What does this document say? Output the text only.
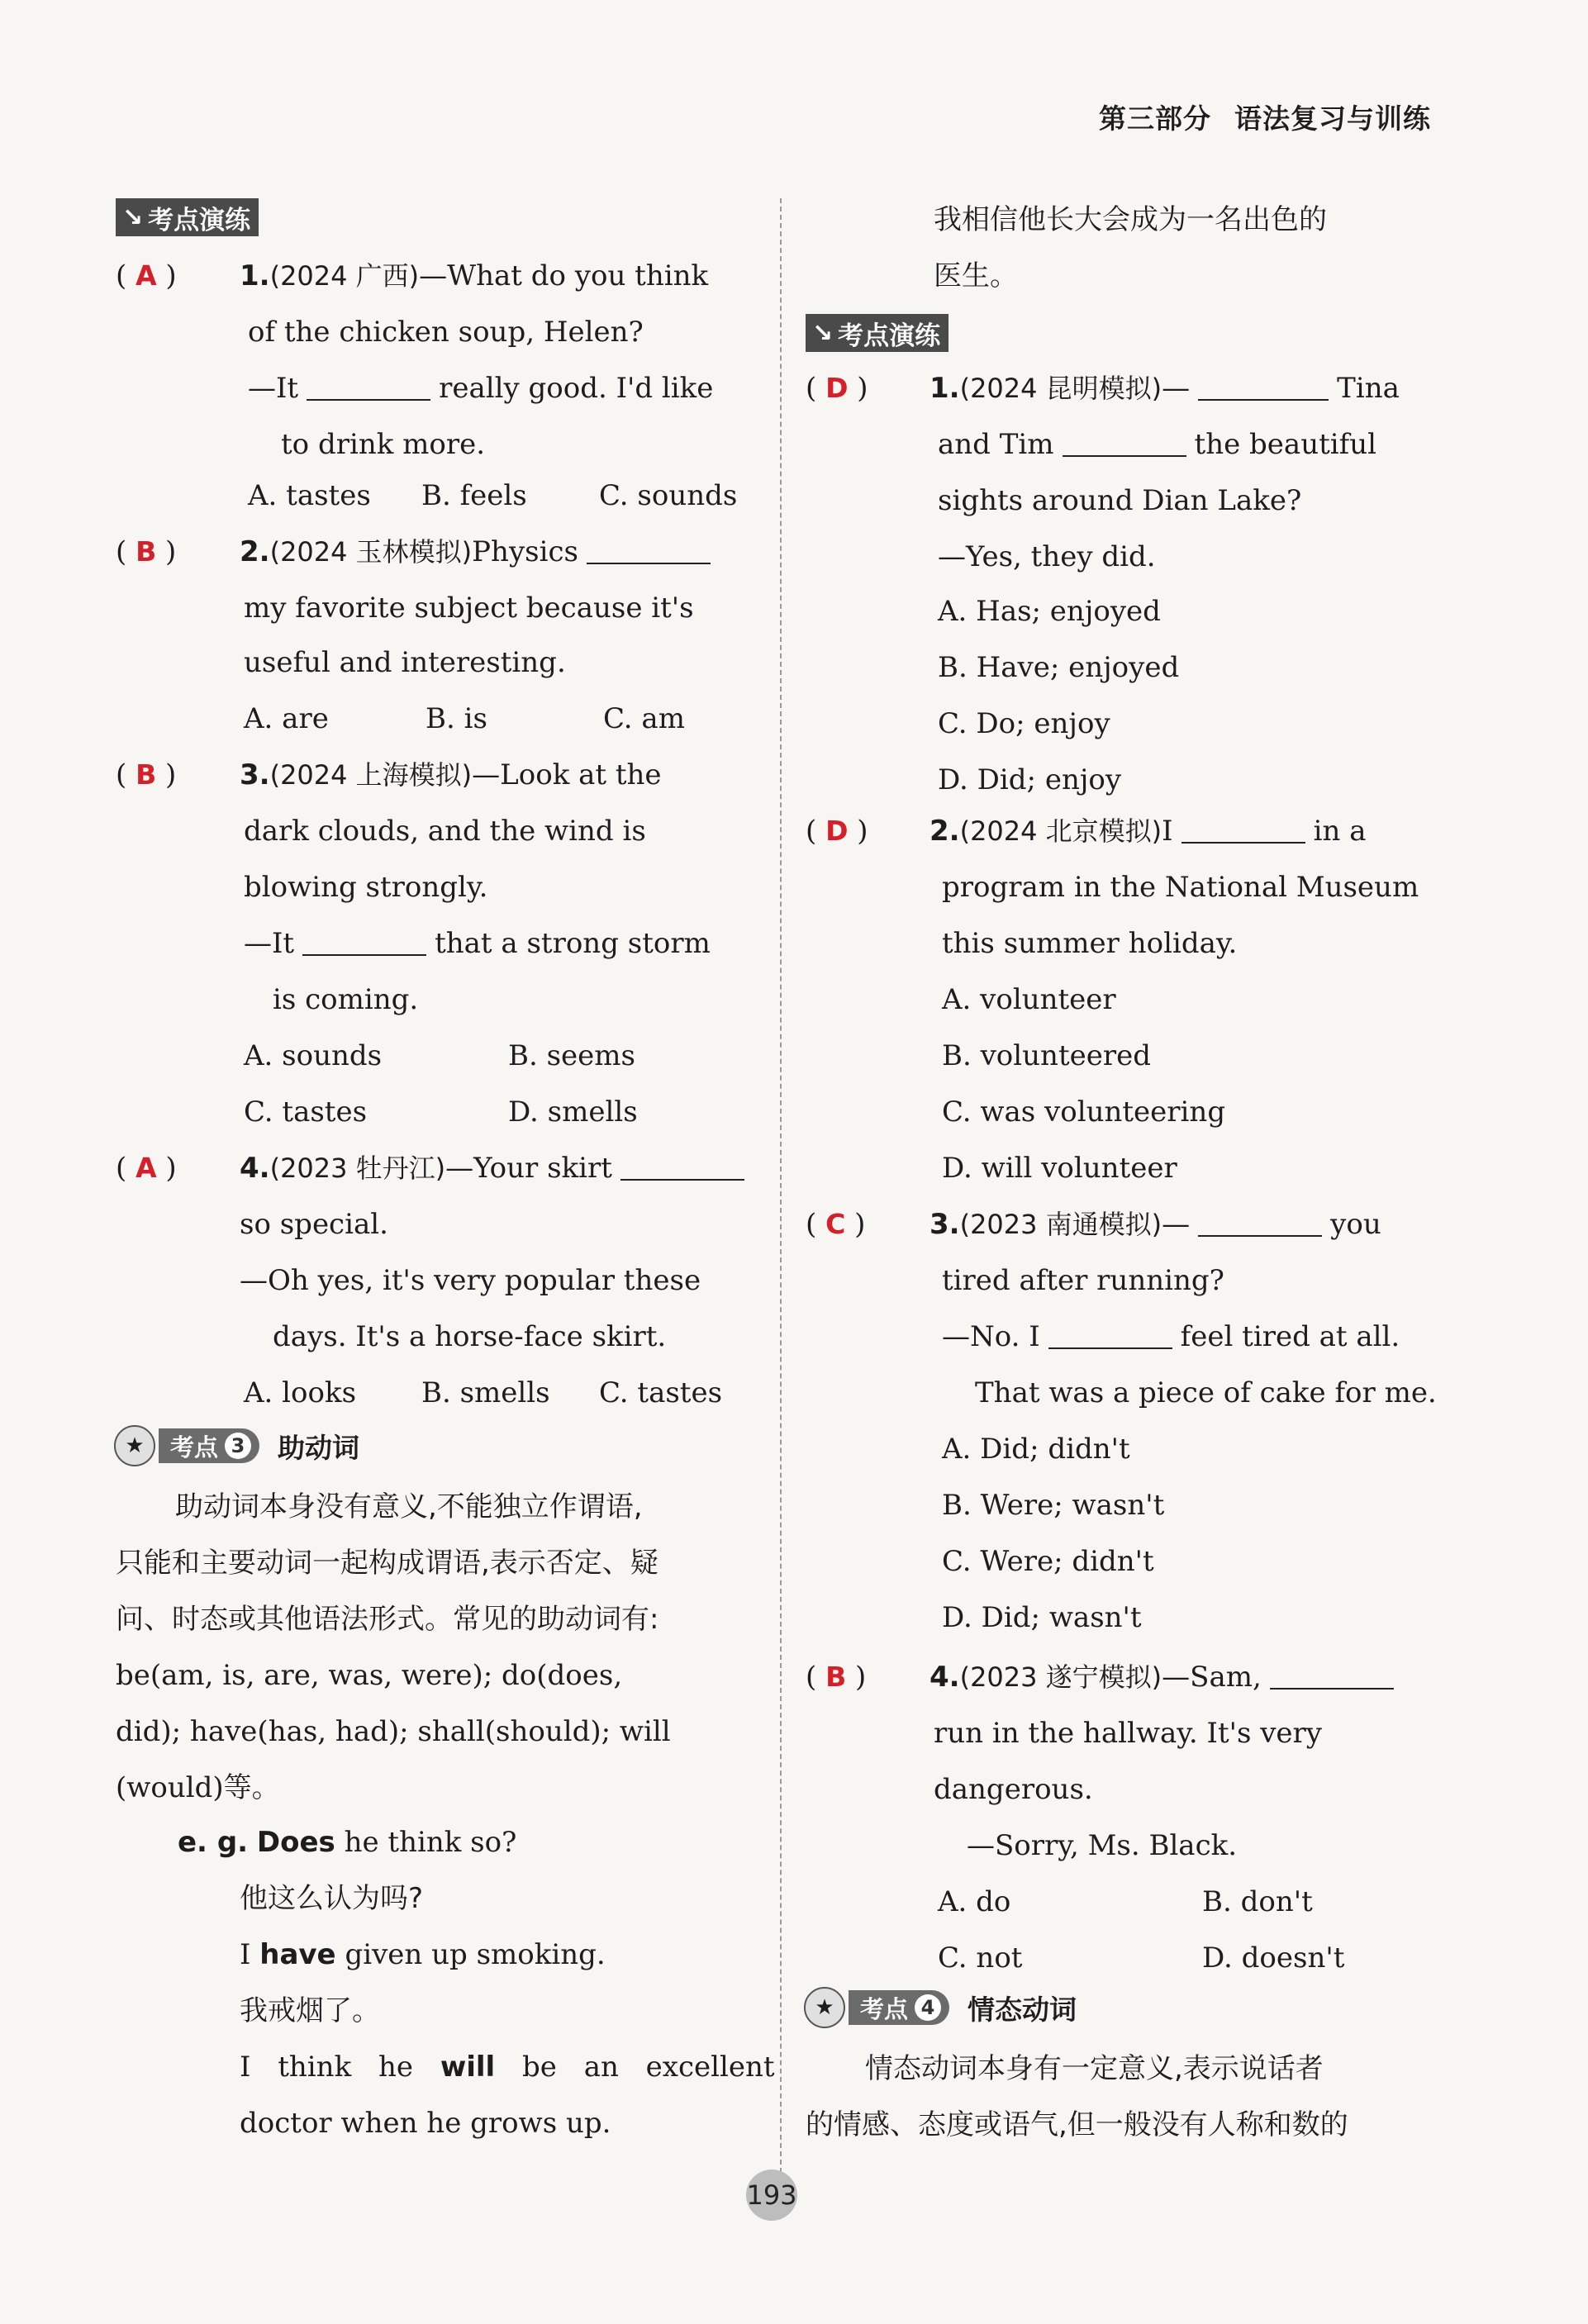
第三部分 语法复习与训练
↘ 考点演练
( A ) 1.(2024 广西)—What do you think
of the chicken soup, Helen?
—It	really good. I'd like
to drink more.
A. tastes B. feels	C. sounds
( B ) 2.(2024 玉林模拟)Physics
my favorite subject because it's
useful and interesting.
A. are	B. is	C. am
( B ) 3.(2024 上海模拟)—Look at the
dark clouds, and the wind is
blowing strongly.
—It	that a strong storm
is coming.
A. sounds	B. seems
C. tastes	D. smells
( A ) 4.(2023 牡丹江)—Your skirt
so special.
—Oh yes, it's very popular these
days. It's a horse-face skirt.
A. looks B. smells C. tastes
★	考点 3 助动词
助动词本身没有意义,不能独立作谓语,
只能和主要动词一起构成谓语,表示否定、疑
问、时态或其他语法形式。常见的助动词有:
be(am, is, are, was, were); do(does,
did); have(has, had); shall(should); will
(would)等。
e. g. Does he think so?
他这么认为吗?
I have given up smoking.
我戒烟了。
I think he will be an excellent
doctor when he grows up.
我相信他长大会成为一名出色的
医生。
↘ 考点演练
( D ) 1.(2024 昆明模拟)—	Tina
and Tim	the beautiful
sights around Dian Lake?
—Yes, they did.
A. Has; enjoyed
B. Have; enjoyed
C. Do; enjoy
D. Did; enjoy
( D ) 2.(2024 北京模拟)I	in a
program in the National Museum
this summer holiday.
A. volunteer
B. volunteered
C. was volunteering
D. will volunteer
( C ) 3.(2023 南通模拟)—	you
tired after running?
—No. I	feel tired at all.
That was a piece of cake for me.
A. Did; didn't
B. Were; wasn't
C. Were; didn't
D. Did; wasn't
( B ) 4.(2023 遂宁模拟)—Sam,
run in the hallway. It's very
dangerous.
—Sorry, Ms. Black.
A. do	B. don't
C. not	D. doesn't
★	考点 4 情态动词
情态动词本身有一定意义,表示说话者
的情感、态度或语气,但一般没有人称和数的
193
